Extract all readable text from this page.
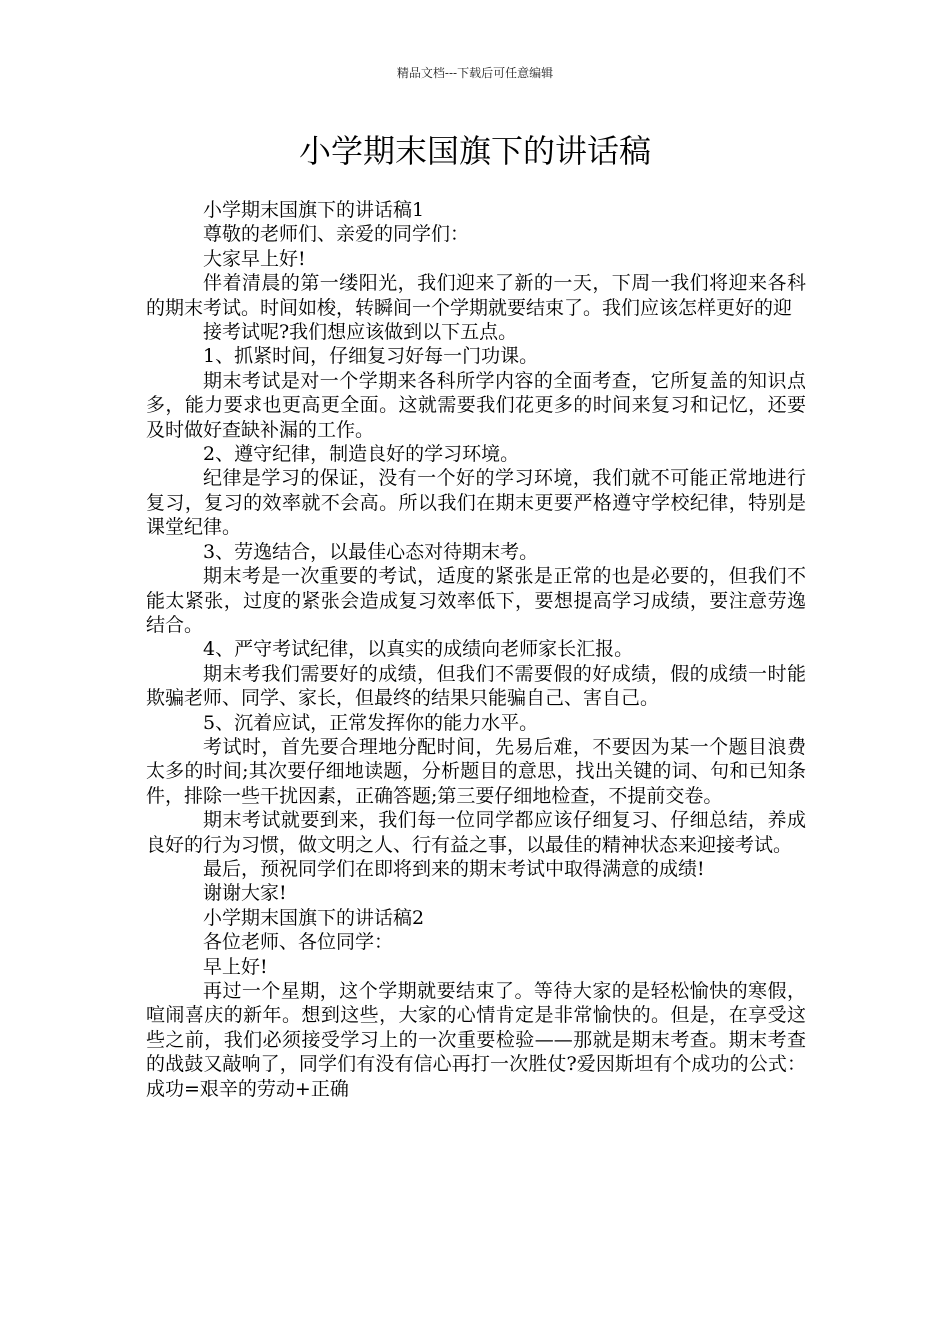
精品文档---下载后可任意编辑
小学期末国旗下的讲话稿

小学期末国旗下的讲话稿1

尊敬的老师们、亲爱的同学们：

大家早上好!

伴着清晨的第一缕阳光，我们迎来了新的一天，下周一我们将迎来各科的期末考试。时间如梭，转瞬间一个学期就要结束了。我们应该怎样更好的迎

接考试呢?我们想应该做到以下五点。

1、抓紧时间，仔细复习好每一门功课。

期末考试是对一个学期来各科所学内容的全面考查，它所复盖的知识点多，能力要求也更高更全面。这就需要我们花更多的时间来复习和记忆，还要及时做好查缺补漏的工作。

2、遵守纪律，制造良好的学习环境。

纪律是学习的保证，没有一个好的学习环境，我们就不可能正常地进行复习，复习的效率就不会高。所以我们在期末更要严格遵守学校纪律，特别是课堂纪律。

3、劳逸结合，以最佳心态对待期末考。

期末考是一次重要的考试，适度的紧张是正常的也是必要的，但我们不能太紧张，过度的紧张会造成复习效率低下，要想提高学习成绩，要注意劳逸结合。

4、严守考试纪律，以真实的成绩向老师家长汇报。

期末考我们需要好的成绩，但我们不需要假的好成绩，假的成绩一时能欺骗老师、同学、家长，但最终的结果只能骗自己、害自己。

5、沉着应试，正常发挥你的能力水平。

考试时，首先要合理地分配时间，先易后难，不要因为某一个题目浪费太多的时间;其次要仔细地读题，分析题目的意思，找出关键的词、句和已知条件，排除一些干扰因素，正确答题;第三要仔细地检查，不提前交卷。

期末考试就要到来，我们每一位同学都应该仔细复习、仔细总结，养成良好的行为习惯，做文明之人、行有益之事，以最佳的精神状态来迎接考试。

最后，预祝同学们在即将到来的期末考试中取得满意的成绩!

谢谢大家!

小学期末国旗下的讲话稿2

各位老师、各位同学：

早上好!

再过一个星期，这个学期就要结束了。等待大家的是轻松愉快的寒假，喧闹喜庆的新年。想到这些，大家的心情肯定是非常愉快的。但是，在享受这些之前，我们必须接受学习上的一次重要检验——那就是期末考查。期末考查的战鼓又敲响了，同学们有没有信心再打一次胜仗?爱因斯坦有个成功的公式：成功=艰辛的劳动+正确
